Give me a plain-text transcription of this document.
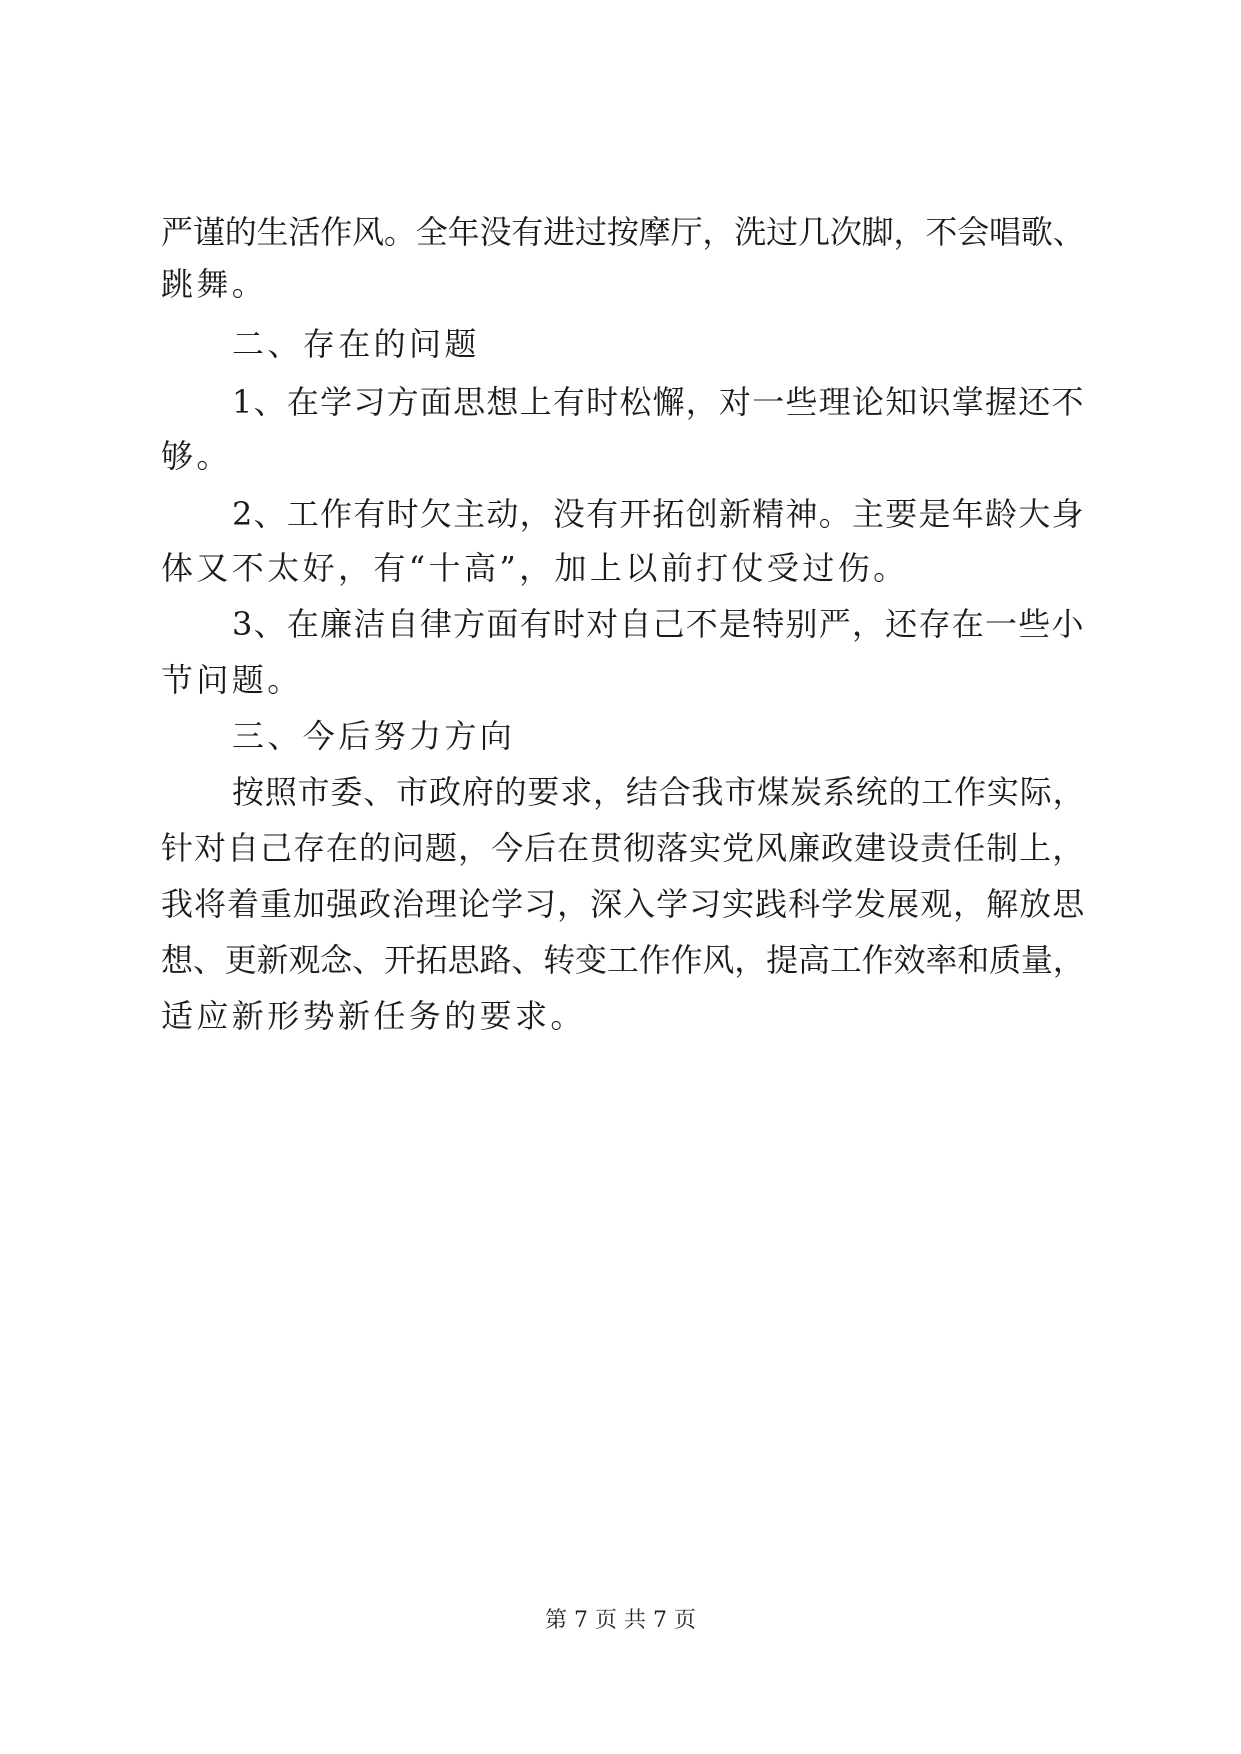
严谨的生活作风。全年没有进过按摩厅，洗过几次脚，不会唱歌、
跳舞。
二、存在的问题
1、在学习方面思想上有时松懈，对一些理论知识掌握还不
够。
2、工作有时欠主动，没有开拓创新精神。主要是年龄大身
体又不太好，有“十高”，加上以前打仗受过伤。
3、在廉洁自律方面有时对自己不是特别严，还存在一些小
节问题。
三、今后努力方向
按照市委、市政府的要求，结合我市煤炭系统的工作实际，
针对自己存在的问题，今后在贯彻落实党风廉政建设责任制上，
我将着重加强政治理论学习，深入学习实践科学发展观，解放思
想、更新观念、开拓思路、转变工作作风，提高工作效率和质量，
适应新形势新任务的要求。
第 7 页 共 7 页
